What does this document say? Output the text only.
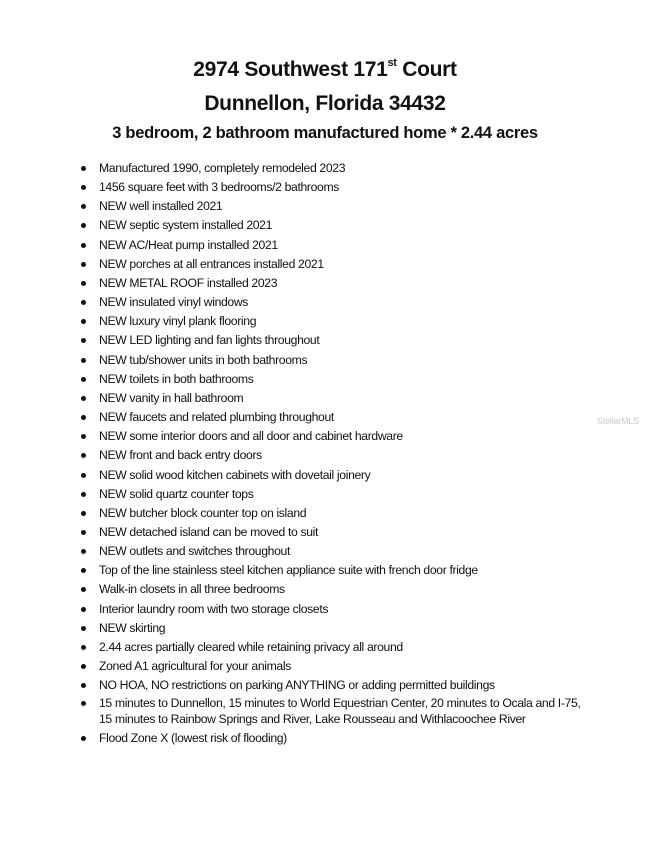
2974 Southwest 171st Court
Dunnellon, Florida 34432
3 bedroom, 2 bathroom manufactured home * 2.44 acres
Manufactured 1990, completely remodeled 2023
1456 square feet with 3 bedrooms/2 bathrooms
NEW well installed 2021
NEW septic system installed 2021
NEW AC/Heat pump installed 2021
NEW porches at all entrances installed 2021
NEW METAL ROOF installed 2023
NEW insulated vinyl windows
NEW luxury vinyl plank flooring
NEW LED lighting and fan lights throughout
NEW tub/shower units in both bathrooms
NEW toilets in both bathrooms
NEW vanity in hall bathroom
NEW faucets and related plumbing throughout
NEW some interior doors and all door and cabinet hardware
NEW front and back entry doors
NEW solid wood kitchen cabinets with dovetail joinery
NEW solid quartz counter tops
NEW butcher block counter top on island
NEW detached island can be moved to suit
NEW outlets and switches throughout
Top of the line stainless steel kitchen appliance suite with french door fridge
Walk-in closets in all three bedrooms
Interior laundry room with two storage closets
NEW skirting
2.44 acres partially cleared while retaining privacy all around
Zoned A1 agricultural for your animals
NO HOA, NO restrictions on parking ANYTHING or adding permitted buildings
15 minutes to Dunnellon, 15 minutes to World Equestrian Center, 20 minutes to Ocala and I-75, 15 minutes to Rainbow Springs and River, Lake Rousseau and Withlacoochee River
Flood Zone X (lowest risk of flooding)
StellarMLS
